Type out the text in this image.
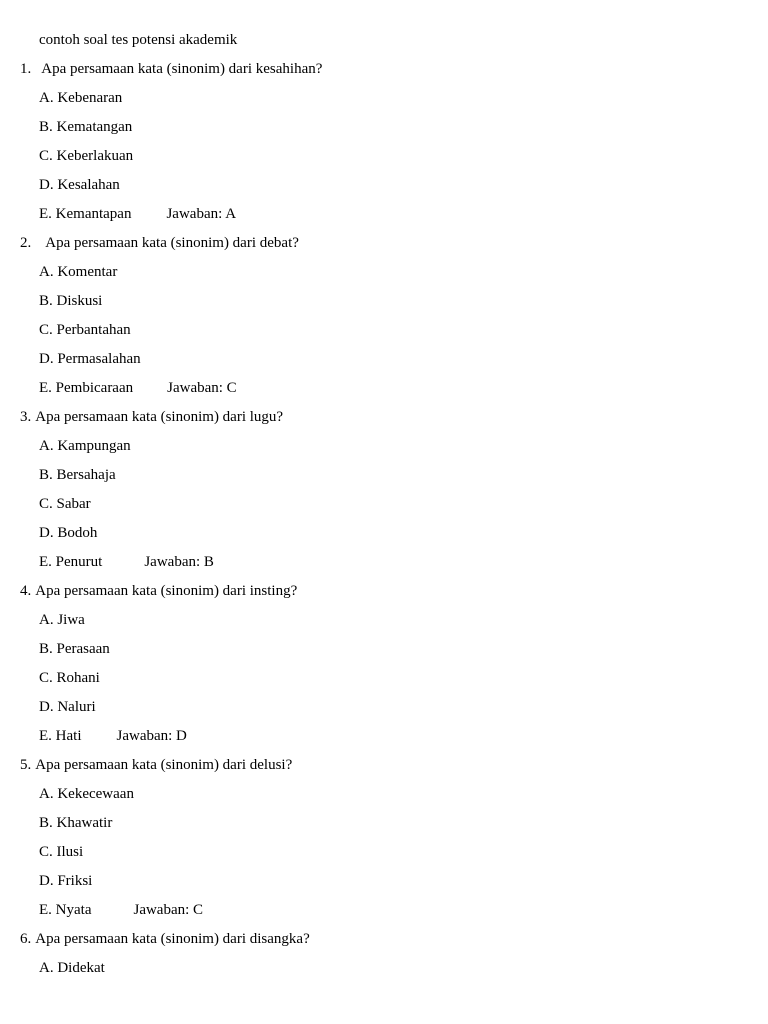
contoh soal tes potensi akademik
1. Apa persamaan kata (sinonim) dari kesahihan?
A. Kebenaran
B. Kematangan
C. Keberlakuan
D. Kesalahan
E. Kemantapan Jawaban: A
2. Apa persamaan kata (sinonim) dari debat?
A. Komentar
B. Diskusi
C. Perbantahan
D. Permasalahan
E. Pembicaraan Jawaban: C
3. Apa persamaan kata (sinonim) dari lugu?
A. Kampungan
B. Bersahaja
C. Sabar
D. Bodoh
E. Penurut	Jawaban: B
4. Apa persamaan kata (sinonim) dari insting?
A. Jiwa
B. Perasaan
C. Rohani
D. Naluri
E. Hati Jawaban: D
5. Apa persamaan kata (sinonim) dari delusi?
A. Kekecewaan
B. Khawatir
C. Ilusi
D. Friksi
E. Nyata	Jawaban: C
6. Apa persamaan kata (sinonim) dari disangka?
A. Didekat
